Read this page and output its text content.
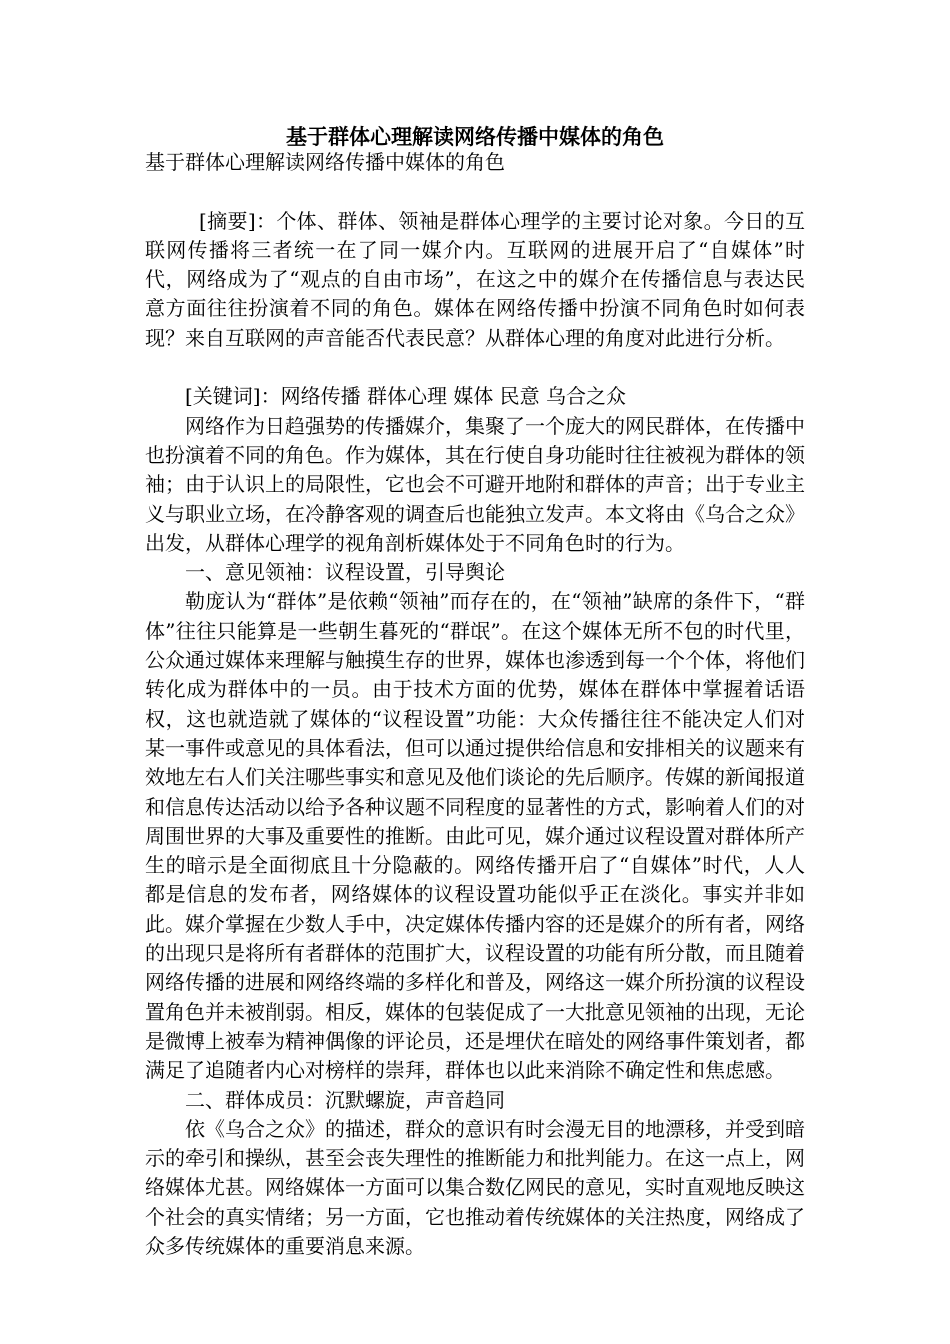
基于群体心理解读网络传播中媒体的角色

基于群体心理解读网络传播中媒体的角色

[摘要]：个体、群体、领袖是群体心理学的主要讨论对象。今日的互联网传播将三者统一在了同一媒介内。互联网的进展开启了“自媒体”时代，网络成为了“观点的自由市场”，在这之中的媒介在传播信息与表达民意方面往往扮演着不同的角色。媒体在网络传播中扮演不同角色时如何表现？来自互联网的声音能否代表民意？从群体心理的角度对此进行分析。

[关键词]：网络传播 群体心理 媒体 民意 乌合之众

网络作为日趋强势的传播媒介，集聚了一个庞大的网民群体，在传播中也扮演着不同的角色。作为媒体，其在行使自身功能时往往被视为群体的领袖；由于认识上的局限性，它也会不可避开地附和群体的声音；出于专业主义与职业立场，在冷静客观的调查后也能独立发声。本文将由《乌合之众》出发，从群体心理学的视角剖析媒体处于不同角色时的行为。

一、意见领袖：议程设置，引导舆论

勒庞认为“群体”是依赖“领袖”而存在的，在“领袖”缺席的条件下，“群体”往往只能算是一些朝生暮死的“群氓”。在这个媒体无所不包的时代里，公众通过媒体来理解与触摸生存的世界，媒体也渗透到每一个个体，将他们转化成为群体中的一员。由于技术方面的优势，媒体在群体中掌握着话语权，这也就造就了媒体的“议程设置”功能：大众传播往往不能决定人们对某一事件或意见的具体看法，但可以通过提供给信息和安排相关的议题来有效地左右人们关注哪些事实和意见及他们谈论的先后顺序。传媒的新闻报道和信息传达活动以给予各种议题不同程度的显著性的方式，影响着人们的对周围世界的大事及重要性的推断。由此可见，媒介通过议程设置对群体所产生的暗示是全面彻底且十分隐蔽的。网络传播开启了“自媒体”时代，人人都是信息的发布者，网络媒体的议程设置功能似乎正在淡化。事实并非如此。媒介掌握在少数人手中，决定媒体传播内容的还是媒介的所有者，网络的出现只是将所有者群体的范围扩大，议程设置的功能有所分散，而且随着网络传播的进展和网络终端的多样化和普及，网络这一媒介所扮演的议程设置角色并未被削弱。相反，媒体的包装促成了一大批意见领袖的出现，无论是微博上被奉为精神偶像的评论员，还是埋伏在暗处的网络事件策划者，都满足了追随者内心对榜样的崇拜，群体也以此来消除不确定性和焦虑感。

二、群体成员：沉默螺旋，声音趋同

依《乌合之众》的描述，群众的意识有时会漫无目的地漂移，并受到暗示的牵引和操纵，甚至会丧失理性的推断能力和批判能力。在这一点上，网络媒体尤甚。网络媒体一方面可以集合数亿网民的意见，实时直观地反映这个社会的真实情绪；另一方面，它也推动着传统媒体的关注热度，网络成了众多传统媒体的重要消息来源。
